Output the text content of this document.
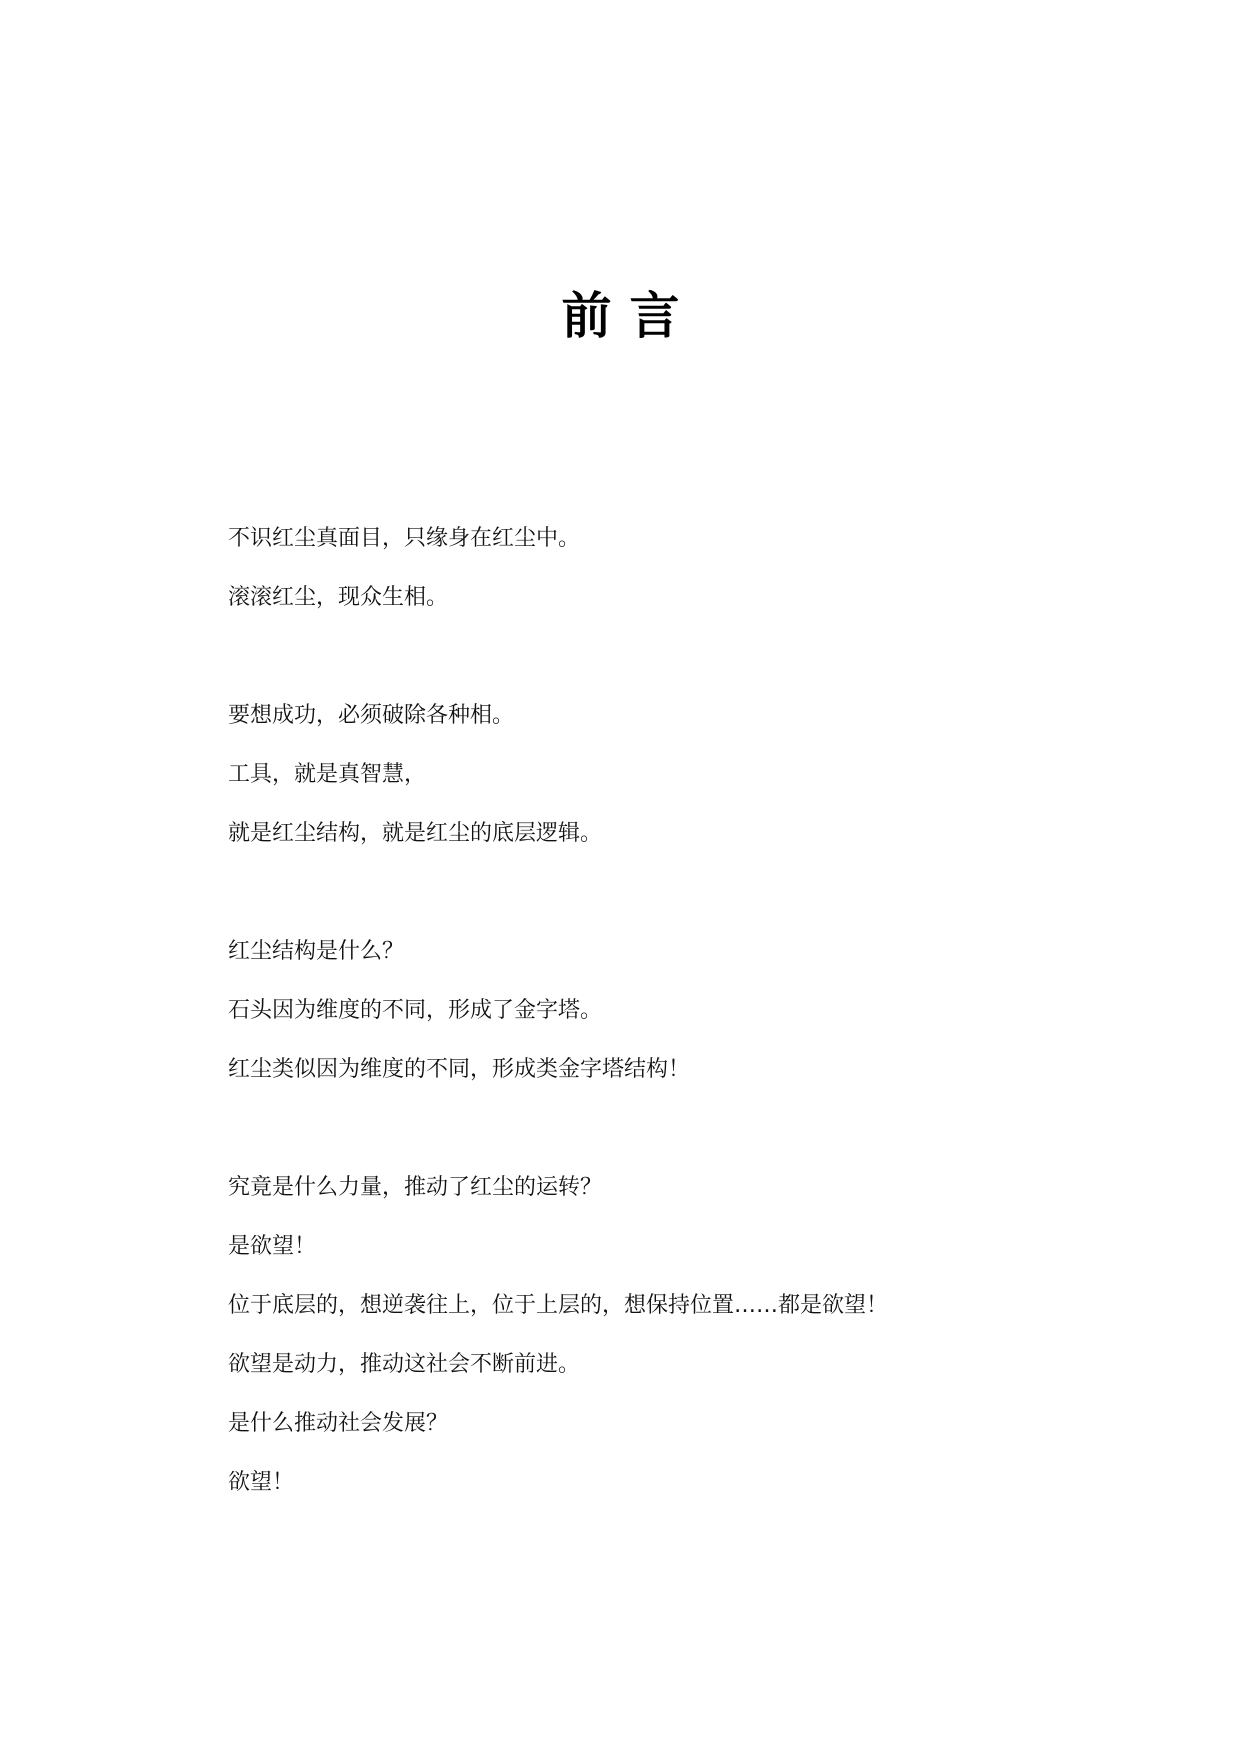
前言
不识红尘真面目，只缘身在红尘中。
滚滚红尘，现众生相。
要想成功，必须破除各种相。
工具，就是真智慧，
就是红尘结构，就是红尘的底层逻辑。
红尘结构是什么？
石头因为维度的不同，形成了金字塔。
红尘类似因为维度的不同，形成类金字塔结构！
究竟是什么力量，推动了红尘的运转？
是欲望！
位于底层的，想逆袭往上，位于上层的，想保持位置……都是欲望！
欲望是动力，推动这社会不断前进。
是什么推动社会发展？
欲望！
